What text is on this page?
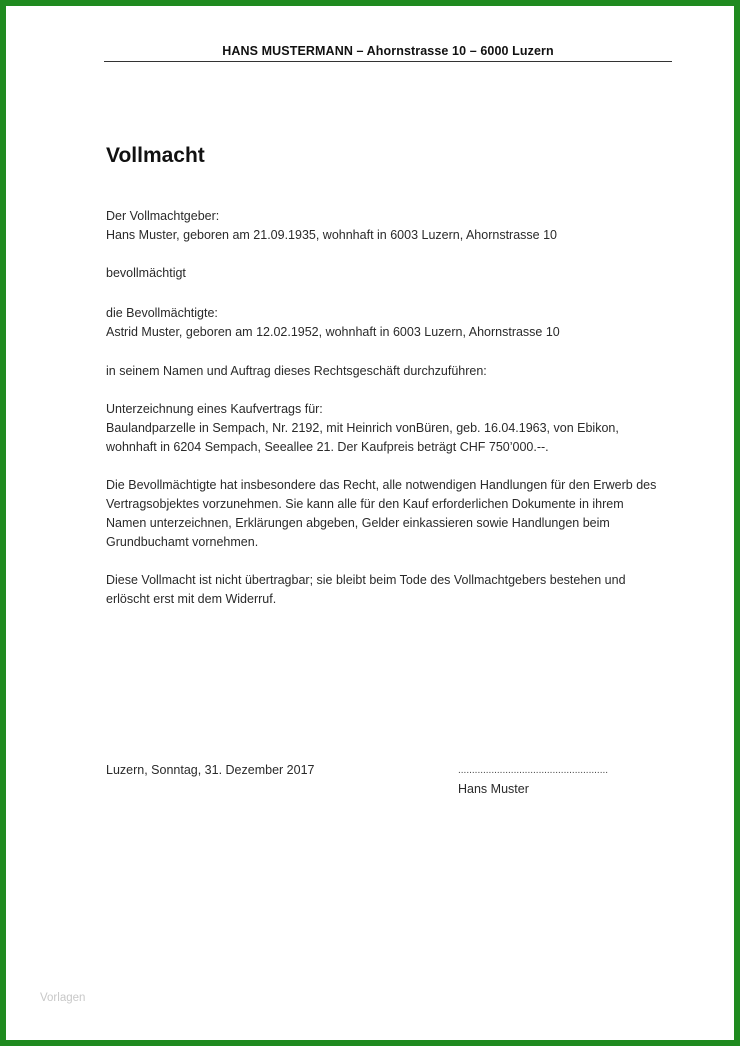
HANS MUSTERMANN – Ahornstrasse 10 – 6000 Luzern
Vollmacht
Der Vollmachtgeber:
Hans Muster, geboren am 21.09.1935, wohnhaft in 6003 Luzern, Ahornstrasse 10
bevollmächtigt
die Bevollmächtigte:
Astrid Muster, geboren am 12.02.1952, wohnhaft in 6003 Luzern, Ahornstrasse 10
in seinem Namen und Auftrag dieses Rechtsgeschäft durchzuführen:
Unterzeichnung eines Kaufvertrags für:
Baulandparzelle in Sempach, Nr. 2192, mit Heinrich vonBüren, geb. 16.04.1963, von Ebikon,
wohnhaft in 6204 Sempach, Seeallee 21. Der Kaufpreis beträgt CHF 750’000.--.
Die Bevollmächtigte hat insbesondere das Recht, alle notwendigen Handlungen für den Erwerb des
Vertragsobjektes vorzunehmen. Sie kann alle für den Kauf erforderlichen Dokumente in ihrem
Namen unterzeichnen, Erklärungen abgeben, Gelder einkassieren sowie Handlungen beim
Grundbuchamt vornehmen.
Diese Vollmacht ist nicht übertragbar; sie bleibt beim Tode des Vollmachtgebers bestehen und
erlöscht erst mit dem Widerruf.
Luzern, Sonntag, 31. Dezember 2017	......................................................
Hans Muster
Vorlagen
